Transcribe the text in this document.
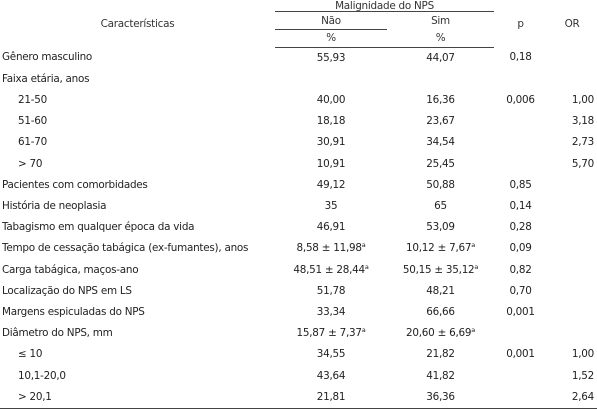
Características	Malignidade do NPS		p	OR
	Não	Sim		
	%	%		
Gênero masculino	55,93	44,07	0,18	
Faixa etária, anos				
21-50	40,00	16,36	0,006	1,00
51-60	18,18	23,67		3,18
61-70	30,91	34,54		2,73
> 70	10,91	25,45		5,70
Pacientes com comorbidades	49,12	50,88	0,85	
História de neoplasia	35	65	0,14	
Tabagismo em qualquer época da vida	46,91	53,09	0,28	
Tempo de cessação tabágica (ex-fumantes), anos	8,58 ± 11,98$^a$	10,12 ± 7,67$^a$	0,09	
Carga tabágica, maços-ano	48,51 ± 28,44$^a$	50,15 ± 35,12$^a$	0,82	
Localização do NPS em LS	51,78	48,21	0,70	
Margens espiculadas do NPS	33,34	66,66	0,001	
Diâmetro do NPS, mm	15,87 ± 7,37$^a$	20,60 ± 6,69$^a$		
≤ 10	34,55	21,82	0,001	1,00
10,1-20,0	43,64	41,82		1,52
> 20,1	21,81	36,36		2,64
